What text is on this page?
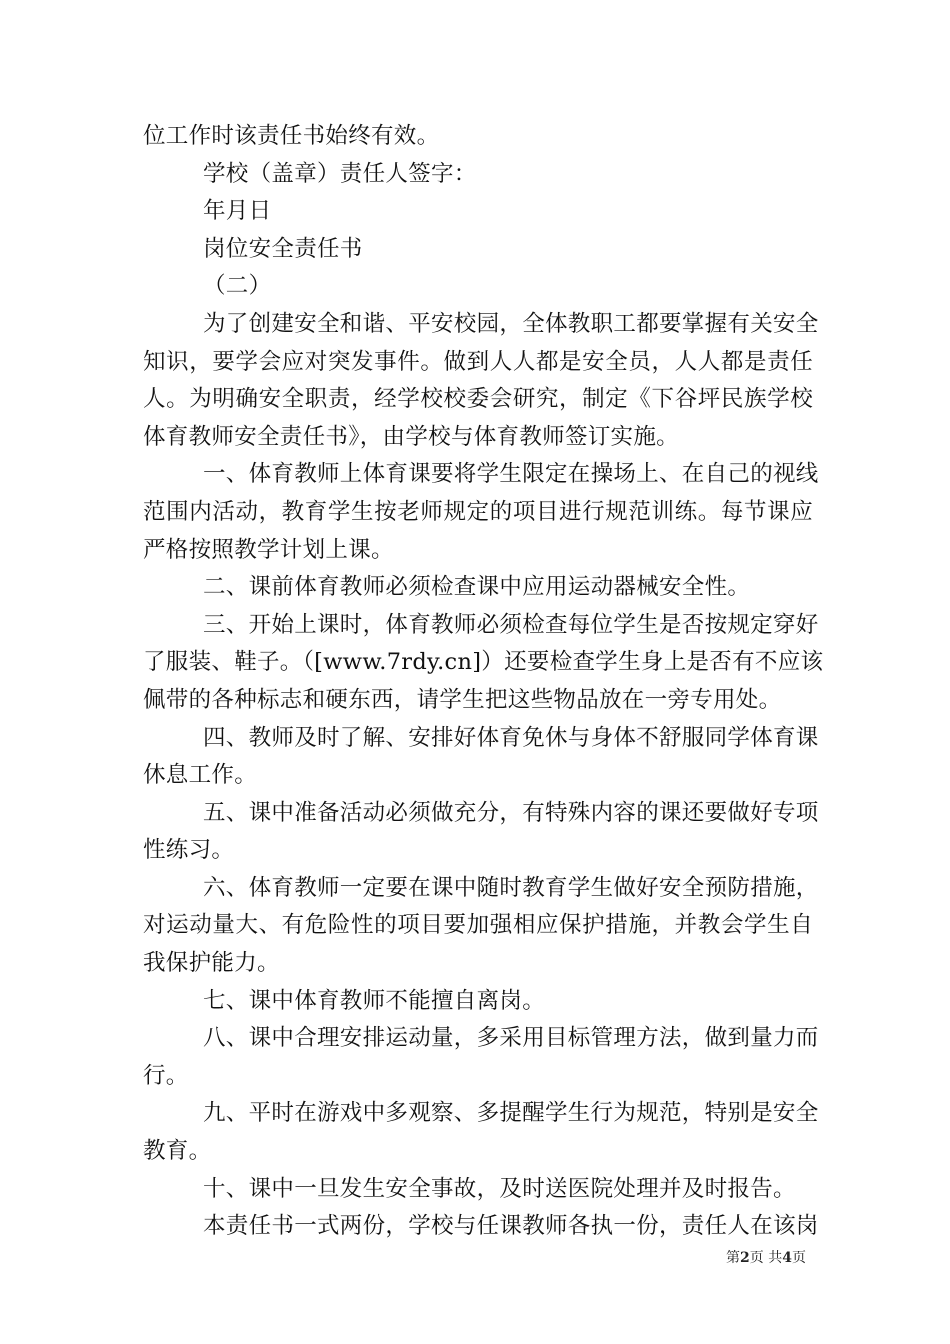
位工作时该责任书始终有效。
学校（盖章）责任人签字：
年月日
岗位安全责任书
（二）
为了创建安全和谐、平安校园，全体教职工都要掌握有关安全
知识，要学会应对突发事件。做到人人都是安全员，人人都是责任
人。为明确安全职责，经学校校委会研究，制定《下谷坪民族学校
体育教师安全责任书》，由学校与体育教师签订实施。
一、体育教师上体育课要将学生限定在操场上、在自己的视线
范围内活动，教育学生按老师规定的项目进行规范训练。每节课应
严格按照教学计划上课。
二、课前体育教师必须检查课中应用运动器械安全性。
三、开始上课时，体育教师必须检查每位学生是否按规定穿好
了服装、鞋子。（[www.7rdy.cn]）还要检查学生身上是否有不应该
佩带的各种标志和硬东西，请学生把这些物品放在一旁专用处。
四、教师及时了解、安排好体育免休与身体不舒服同学体育课
休息工作。
五、课中准备活动必须做充分，有特殊内容的课还要做好专项
性练习。
六、体育教师一定要在课中随时教育学生做好安全预防措施，
对运动量大、有危险性的项目要加强相应保护措施，并教会学生自
我保护能力。
七、课中体育教师不能擅自离岗。
八、课中合理安排运动量，多采用目标管理方法，做到量力而
行。
九、平时在游戏中多观察、多提醒学生行为规范，特别是安全
教育。
十、课中一旦发生安全事故，及时送医院处理并及时报告。
本责任书一式两份，学校与任课教师各执一份，责任人在该岗
第2页 共4页
